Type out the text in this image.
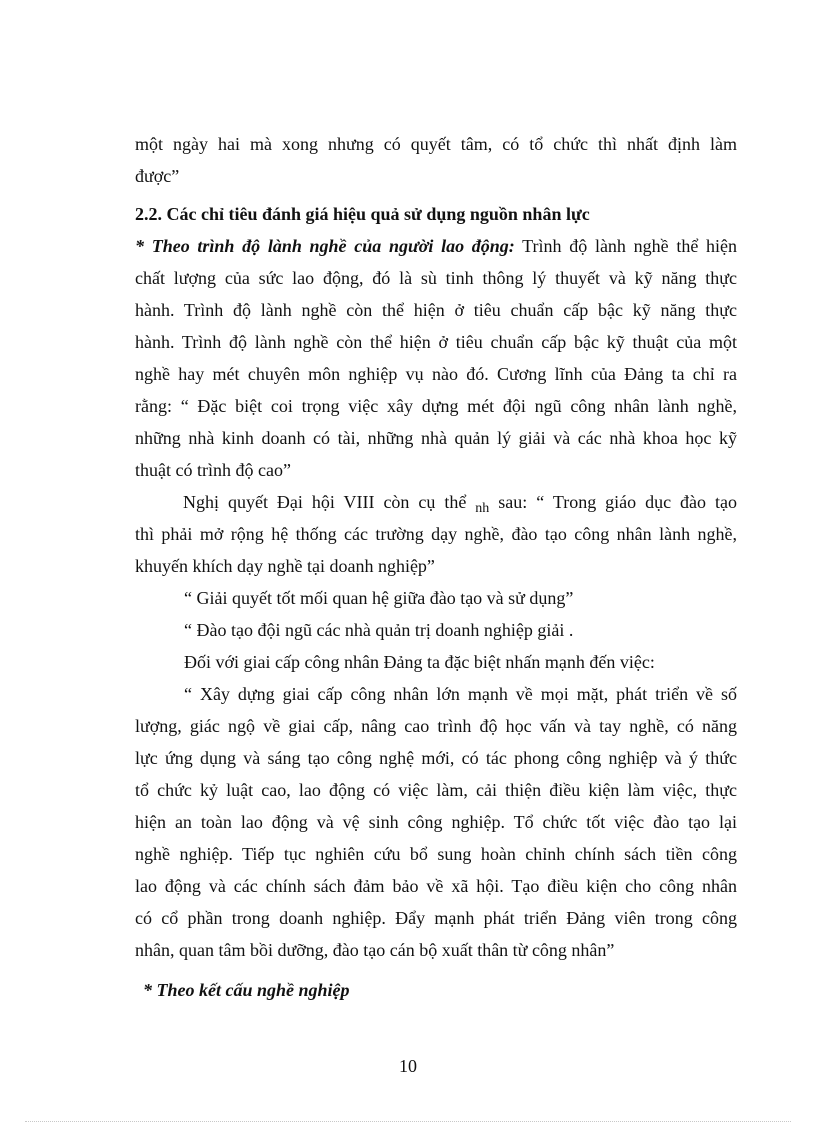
một ngày hai mà xong nhưng có quyết tâm, có tổ chức thì nhất định làm
được”
2.2. Các chỉ tiêu đánh giá hiệu quả sử dụng nguồn nhân lực
* Theo trình độ lành nghề của người lao động: Trình độ lành nghề thể hiện
chất lượng của sức lao động, đó là sù tinh thông lý thuyết và kỹ năng thực
hành. Trình độ lành nghề còn thể hiện ở tiêu chuẩn cấp bậc kỹ năng thực
hành. Trình độ lành nghề còn thể hiện ở tiêu chuẩn cấp bậc kỹ thuật của một
nghề hay mét chuyên môn nghiệp vụ nào đó. Cương lĩnh của Đảng ta chỉ ra
rằng: “ Đặc biệt coi trọng việc xây dựng mét đội ngũ công nhân lành nghề,
những nhà kinh doanh có tài, những nhà quản lý giải và các nhà khoa học kỹ
thuật có trình độ cao”
Nghị quyết Đại hội VIII còn cụ thể $_{nh}$ sau: “ Trong giáo dục đào tạo
thì phải mở rộng hệ thống các trường dạy nghề, đào tạo công nhân lành nghề,
khuyến khích dạy nghề tại doanh nghiệp”
“ Giải quyết tốt mối quan hệ giữa đào tạo và sử dụng”
“ Đào tạo đội ngũ các nhà quản trị doanh nghiệp giải .
Đối với giai cấp công nhân Đảng ta đặc biệt nhấn mạnh đến việc:
“ Xây dựng giai cấp công nhân lớn mạnh về mọi mặt, phát triển về số
lượng, giác ngộ về giai cấp, nâng cao trình độ học vấn và tay nghề, có năng
lực ứng dụng và sáng tạo công nghệ mới, có tác phong công nghiệp và ý thức
tổ chức kỷ luật cao, lao động có việc làm, cải thiện điều kiện làm việc, thực
hiện an toàn lao động và vệ sinh công nghiệp. Tổ chức tốt việc đào tạo lại
nghề nghiệp. Tiếp tục nghiên cứu bổ sung hoàn chỉnh chính sách tiền công
lao động và các chính sách đảm bảo về xã hội. Tạo điều kiện cho công nhân
có cổ phần trong doanh nghiệp. Đẩy mạnh phát triển Đảng viên trong công
nhân, quan tâm bồi dưỡng, đào tạo cán bộ xuất thân từ công nhân”
* Theo kết cấu nghề nghiệp
10
